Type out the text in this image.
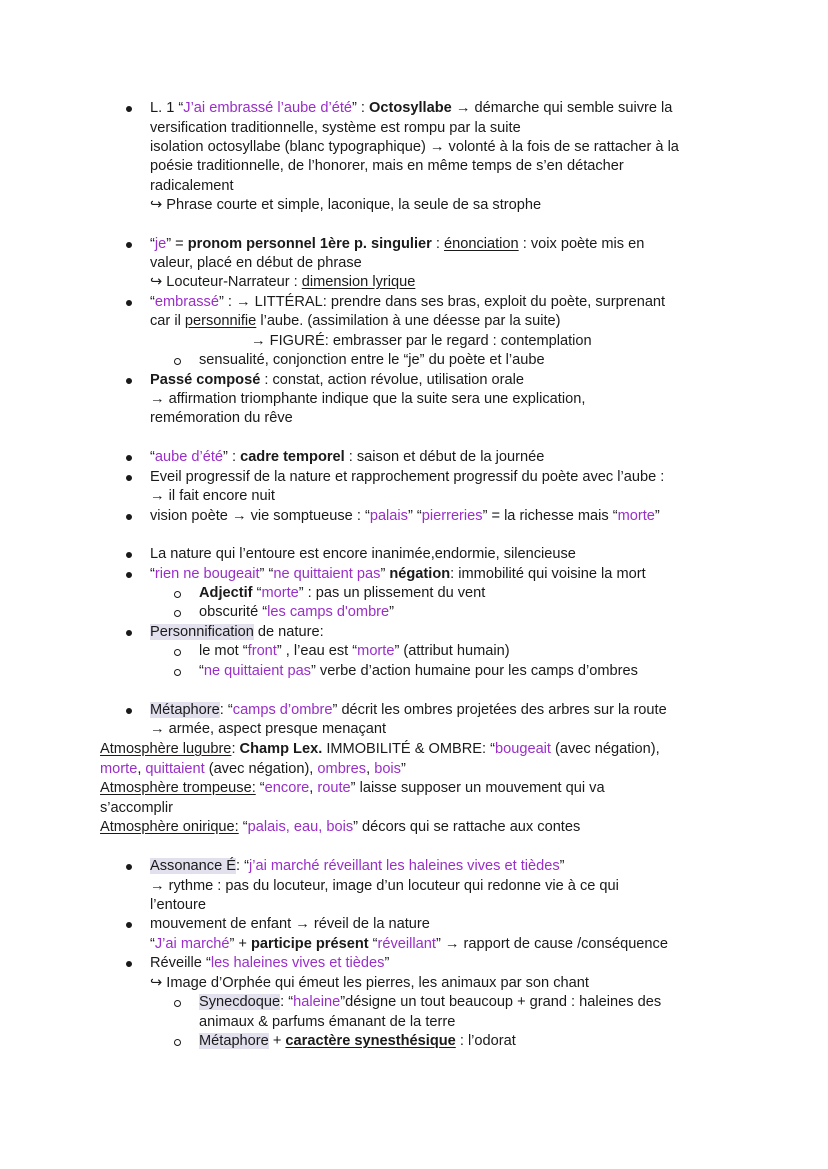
L. 1 “J’ai embrassé l’aube d’été” : Octosyllabe → démarche qui semble suivre la
versification traditionnelle, système est rompu par la suite
isolation octosyllabe (blanc typographique) → volonté à la fois de se rattacher à la
poésie traditionnelle, de l’honorer, mais en même temps de s’en détacher
radicalement
↪ Phrase courte et simple, laconique, la seule de sa strophe
“je” = pronom personnel 1ère p. singulier : énonciation : voix poète mis en
valeur, placé en début de phrase
↪ Locuteur-Narrateur : dimension lyrique
“embrassé” : → LITTÉRAL: prendre dans ses bras, exploit du poète, surprenant
car il personnifie l’aube. (assimilation à une déesse par la suite)
→ FIGURÉ: embrasser par le regard : contemplation
sensualité, conjonction entre le “je” du poète et l’aube
Passé composé : constat, action révolue, utilisation orale
→ affirmation triomphante indique que la suite sera une explication,
remémoration du rêve
“aube d’été” : cadre temporel : saison et début de la journée
Eveil progressif de la nature et rapprochement progressif du poète avec l’aube :
→ il fait encore nuit
vision poète → vie somptueuse : “palais” “pierreries” = la richesse mais “morte”
La nature qui l’entoure est encore inanimée,endormie, silencieuse
“rien ne bougeait” “ne quittaient pas” négation: immobilité qui voisine la mort
Adjectif “morte” : pas un plissement du vent
obscurité “les camps d'ombre”
Personnification de nature:
le mot “front” , l’eau est “morte” (attribut humain)
“ne quittaient pas” verbe d’action humaine pour les camps d’ombres
Métaphore: “camps d’ombre” décrit les ombres projetées des arbres sur la route
→ armée, aspect presque menaçant
Atmosphère lugubre: Champ Lex. IMMOBILITÉ & OMBRE: “bougeait (avec négation),
morte, quittaient (avec négation), ombres, bois”
Atmosphère trompeuse: “encore, route” laisse supposer un mouvement qui va
s’accomplir
Atmosphère onirique: “palais, eau, bois” décors qui se rattache aux contes
Assonance É: “j’ai marché réveillant les haleines vives et tièdes”
→ rythme : pas du locuteur, image d’un locuteur qui redonne vie à ce qui
l’entoure
mouvement de enfant → réveil de la nature
“J’ai marché” + participe présent “réveillant” → rapport de cause /conséquence
Réveille “les haleines vives et tièdes”
↪ Image d’Orphée qui émeut les pierres, les animaux par son chant
Synecdoque: “haleine”désigne un tout beaucoup + grand : haleines des
animaux & parfums émanant de la terre
Métaphore + caractère synesthésique : l’odorat
